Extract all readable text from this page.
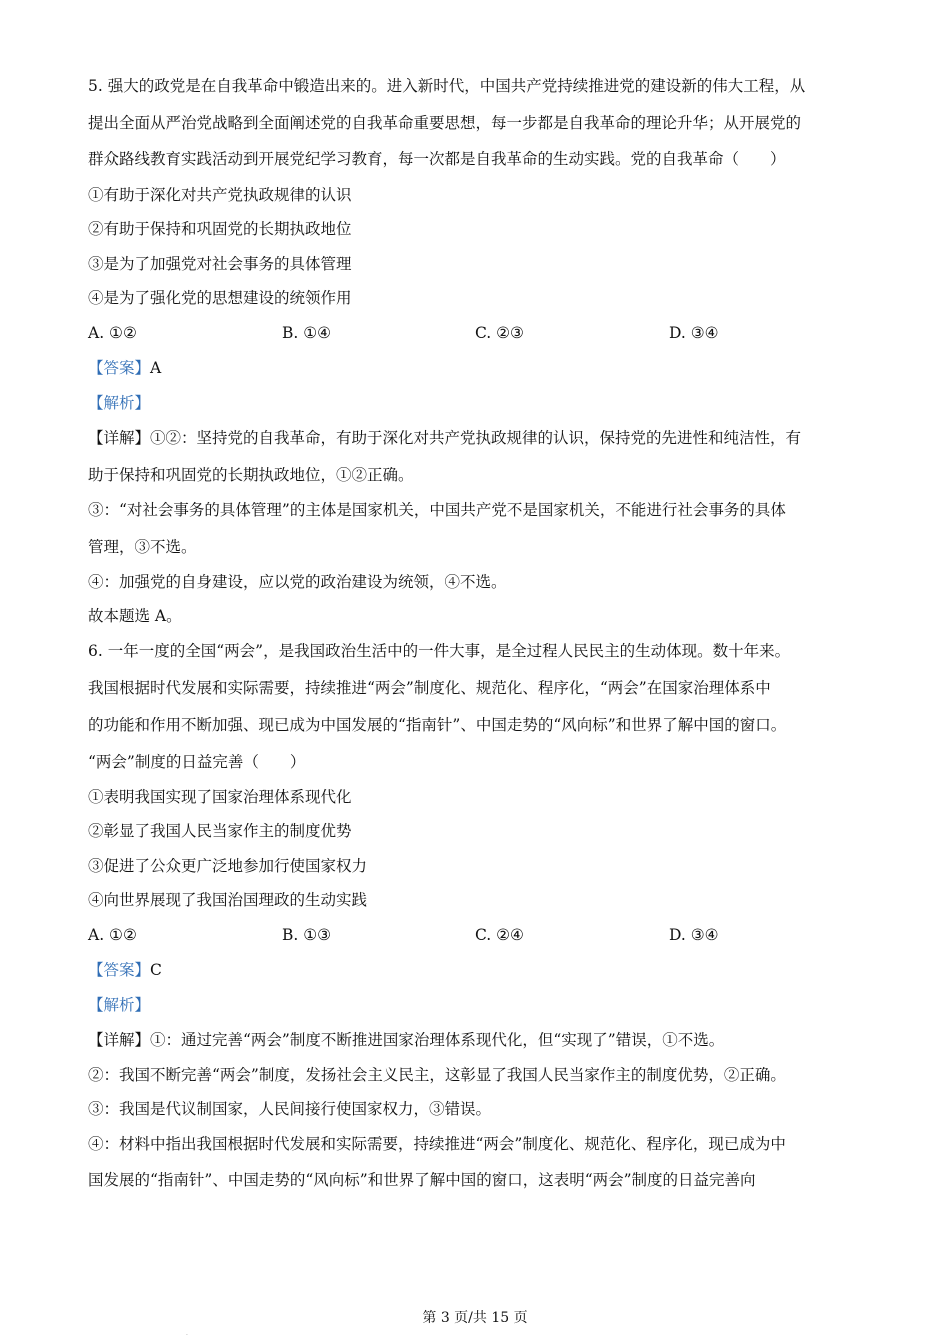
5. 强大的政党是在自我革命中锻造出来的。进入新时代，中国共产党持续推进党的建设新的伟大工程，从
提出全面从严治党战略到全面阐述党的自我革命重要思想，每一步都是自我革命的理论升华；从开展党的
群众路线教育实践活动到开展党纪学习教育，每一次都是自我革命的生动实践。党的自我革命（　　）
①有助于深化对共产党执政规律的认识
②有助于保持和巩固党的长期执政地位
③是为了加强党对社会事务的具体管理
④是为了强化党的思想建设的统领作用
A. ①②	B. ①④	C. ②③	D. ③④
【答案】A
【解析】
【详解】①②：坚持党的自我革命，有助于深化对共产党执政规律的认识，保持党的先进性和纯洁性，有
助于保持和巩固党的长期执政地位，①②正确。
③：“对社会事务的具体管理”的主体是国家机关，中国共产党不是国家机关，不能进行社会事务的具体
管理，③不选。
④：加强党的自身建设，应以党的政治建设为统领，④不选。
故本题选 A。
6. 一年一度的全国“两会”，是我国政治生活中的一件大事，是全过程人民民主的生动体现。数十年来。
我国根据时代发展和实际需要，持续推进“两会”制度化、规范化、程序化，“两会”在国家治理体系中
的功能和作用不断加强、现已成为中国发展的“指南针”、中国走势的“风向标”和世界了解中国的窗口。
“两会”制度的日益完善（　　）
①表明我国实现了国家治理体系现代化
②彰显了我国人民当家作主的制度优势
③促进了公众更广泛地参加行使国家权力
④向世界展现了我国治国理政的生动实践
A. ①②	B. ①③	C. ②④	D. ③④
【答案】C
【解析】
【详解】①：通过完善“两会”制度不断推进国家治理体系现代化，但“实现了”错误，①不选。
②：我国不断完善“两会”制度，发扬社会主义民主，这彰显了我国人民当家作主的制度优势，②正确。
③：我国是代议制国家，人民间接行使国家权力，③错误。
④：材料中指出我国根据时代发展和实际需要，持续推进“两会”制度化、规范化、程序化，现已成为中
国发展的“指南针”、中国走势的“风向标”和世界了解中国的窗口，这表明“两会”制度的日益完善向
·
第 3 页/共 15 页
